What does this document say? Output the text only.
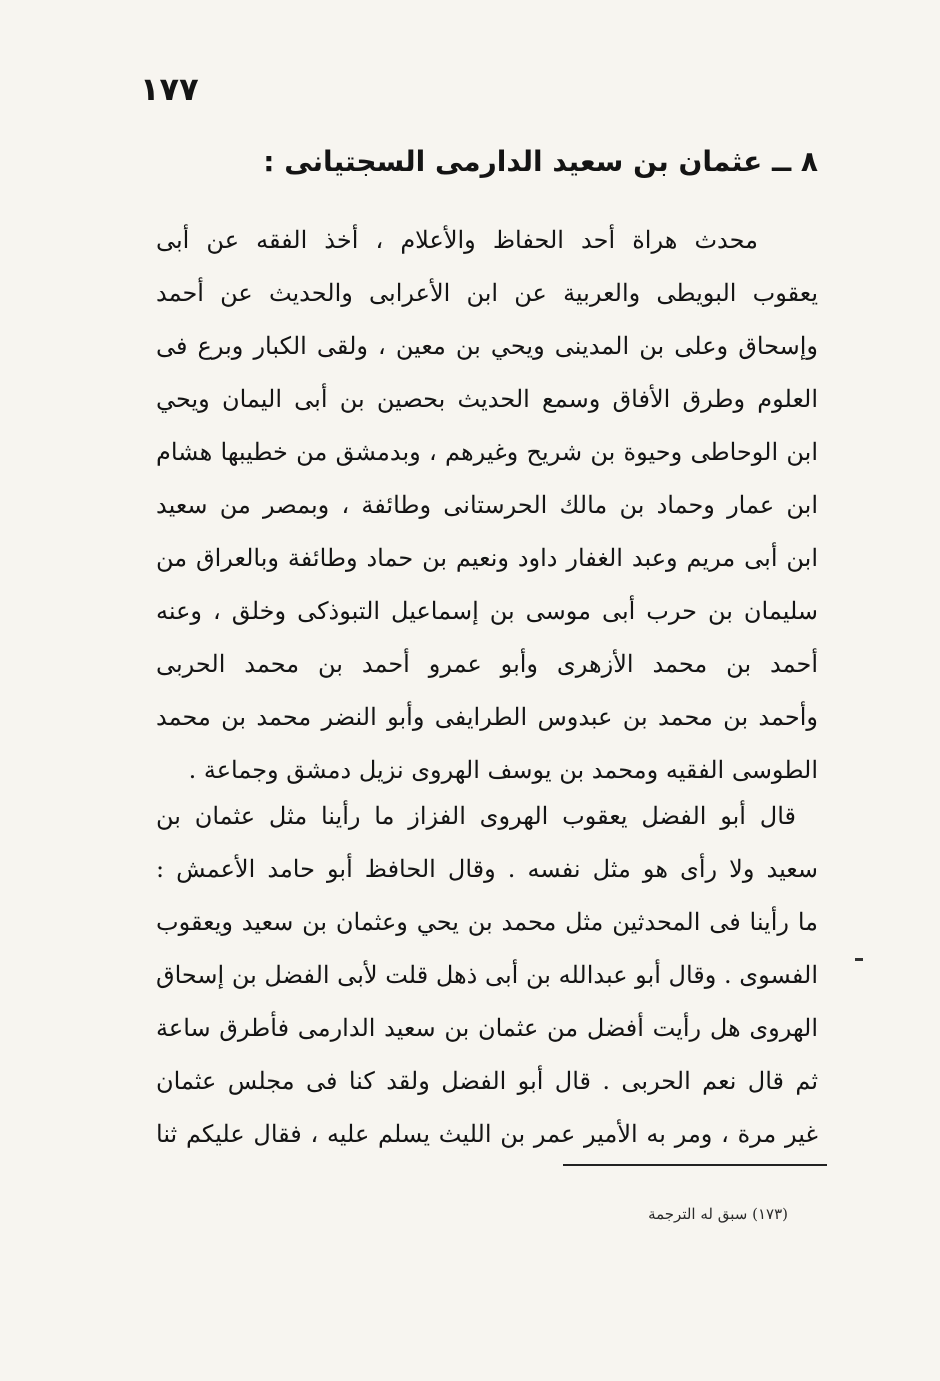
١٧٧
٨ ــ عثمان بن سعيد الدارمى السجتيانى :
محدث هراة أحد الحفاظ والأعلام ، أخذ الفقه عن أبى
يعقوب البويطى والعربية عن ابن الأعرابى والحديث عن أحمد
وإسحاق وعلى بن المدينى ويحي بن معين ، ولقى الكبار وبرع فى
العلوم وطرق الأفاق وسمع الحديث بحصين بن أبى اليمان ويحي
ابن الوحاطى وحيوة بن شريح وغيرهم ، وبدمشق من خطيبها هشام
ابن عمار وحماد بن مالك الحرستانى وطائفة ، وبمصر من سعيد
ابن أبى مريم وعبد الغفار داود ونعيم بن حماد وطائفة وبالعراق من
سليمان بن حرب أبى موسى بن إسماعيل التبوذكى وخلق ، وعنه
أحمد بن محمد الأزهرى وأبو عمرو أحمد بن محمد الحربى
وأحمد بن محمد بن عبدوس الطرايفى وأبو النضر محمد بن محمد
الطوسى الفقيه ومحمد بن يوسف الهروى نزيل دمشق وجماعة .
قال أبو الفضل يعقوب الهروى الفزاز ما رأينا مثل عثمان بن
سعيد ولا رأى هو مثل نفسه . وقال الحافظ أبو حامد الأعمش :
ما رأينا فى المحدثين مثل محمد بن يحي وعثمان بن سعيد ويعقوب
الفسوى . وقال أبو عبدالله بن أبى ذهل قلت لأبى الفضل بن إسحاق
الهروى هل رأيت أفضل من عثمان بن سعيد الدارمى فأطرق ساعة
ثم قال نعم الحربى . قال أبو الفضل ولقد كنا فى مجلس عثمان
غير مرة ، ومر به الأمير عمر بن الليث يسلم عليه ، فقال عليكم ثنا
(١٧٣) سبق له الترجمة
